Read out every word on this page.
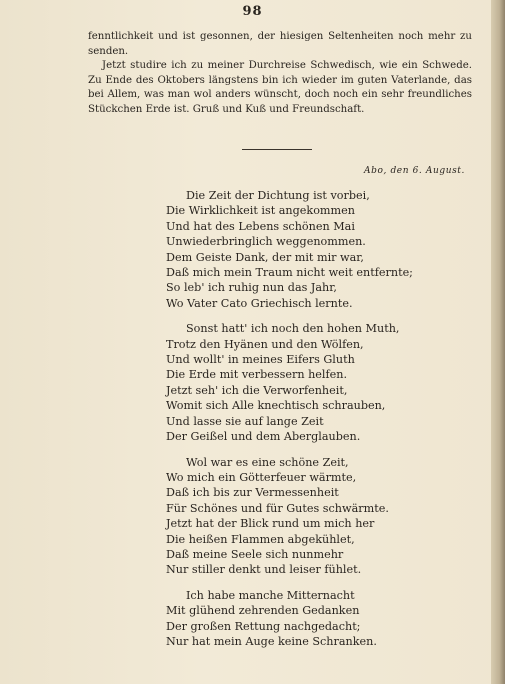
98

fenntlichkeit und ist gesonnen, der hiesigen Seltenheiten noch mehr zu senden.

Jetzt studire ich zu meiner Durchreise Schwedisch, wie ein Schwede. Zu Ende des Oktobers längstens bin ich wieder im guten Vaterlande, das bei Allem, was man wol anders wünscht, doch noch ein sehr freundliches Stückchen Erde ist. Gruß und Kuß und Freundschaft.

Abo, den 6. August.
Die Zeit der Dichtung ist vorbei,
Die Wirklichkeit ist angekommen
Und hat des Lebens schönen Mai
Unwiederbringlich weggenommen.
Dem Geiste Dank, der mit mir war,
Daß mich mein Traum nicht weit entfernte;
So leb' ich ruhig nun das Jahr,
Wo Vater Cato Griechisch lernte.
Sonst hatt' ich noch den hohen Muth,
Trotz den Hyänen und den Wölfen,
Und wollt' in meines Eifers Gluth
Die Erde mit verbessern helfen.
Jetzt seh' ich die Verworfenheit,
Womit sich Alle knechtisch schrauben,
Und lasse sie auf lange Zeit
Der Geißel und dem Aberglauben.
Wol war es eine schöne Zeit,
Wo mich ein Götterfeuer wärmte,
Daß ich bis zur Vermessenheit
Für Schönes und für Gutes schwärmte.
Jetzt hat der Blick rund um mich her
Die heißen Flammen abgekühlet,
Daß meine Seele sich nunmehr
Nur stiller denkt und leiser fühlet.
Ich habe manche Mitternacht
Mit glühend zehrenden Gedanken
Der großen Rettung nachgedacht;
Nur hat mein Auge keine Schranken.
